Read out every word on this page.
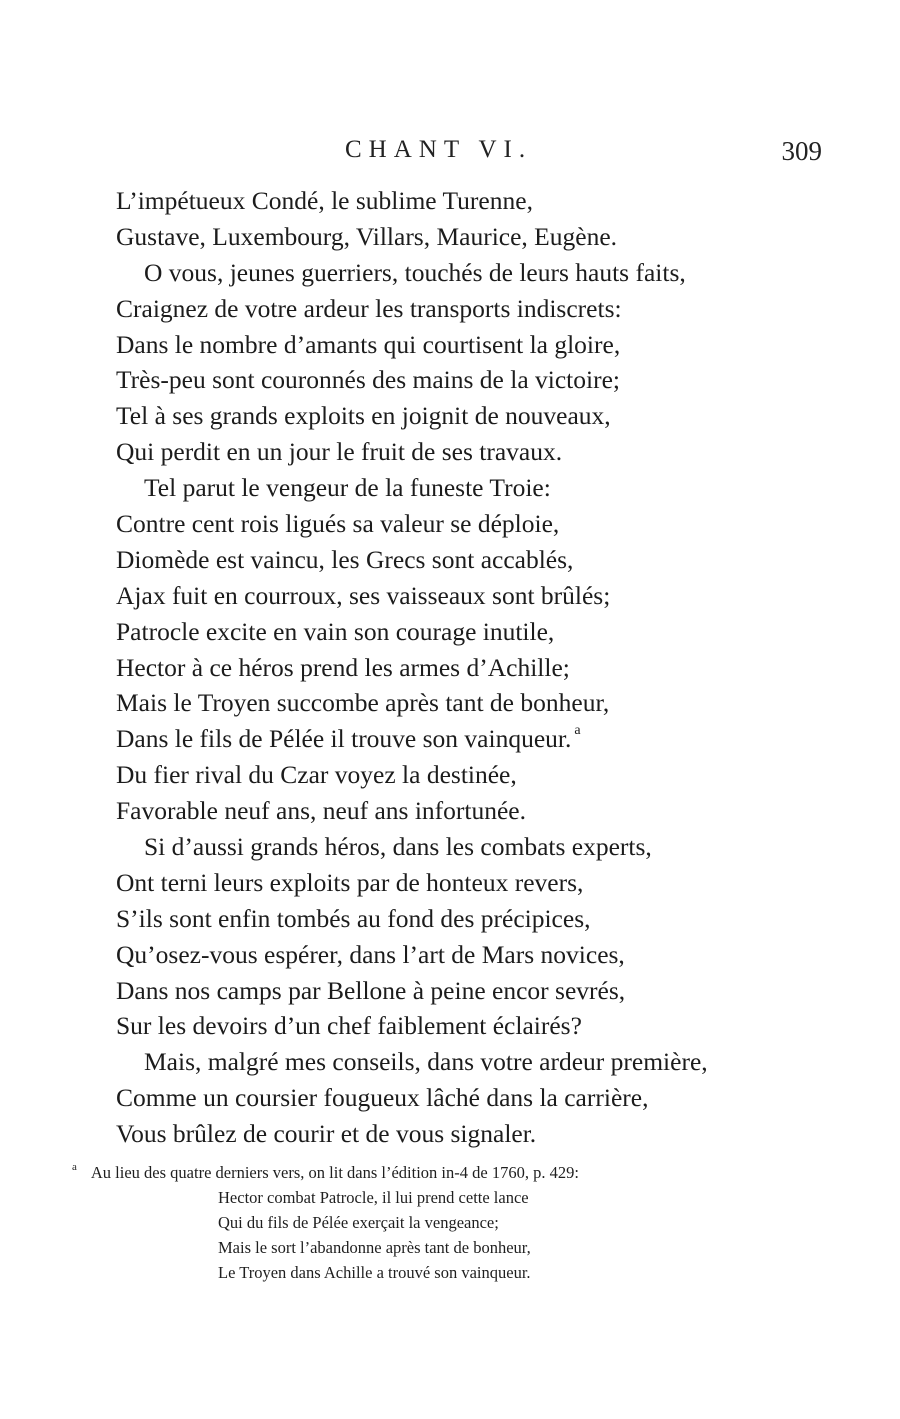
CHANT VI.	309
L’impétueux Condé, le sublime Turenne,
Gustave, Luxembourg, Villars, Maurice, Eugène.
O vous, jeunes guerriers, touchés de leurs hauts faits,
Craignez de votre ardeur les transports indiscrets:
Dans le nombre d’amants qui courtisent la gloire,
Très-peu sont couronnés des mains de la victoire;
Tel à ses grands exploits en joignit de nouveaux,
Qui perdit en un jour le fruit de ses travaux.
Tel parut le vengeur de la funeste Troie:
Contre cent rois ligués sa valeur se déploie,
Diomède est vaincu, les Grecs sont accablés,
Ajax fuit en courroux, ses vaisseaux sont brûlés;
Patrocle excite en vain son courage inutile,
Hector à ce héros prend les armes d’Achille;
Mais le Troyen succombe après tant de bonheur,
Dans le fils de Pélée il trouve son vainqueur. $^a$
Du fier rival du Czar voyez la destinée,
Favorable neuf ans, neuf ans infortunée.
Si d’aussi grands héros, dans les combats experts,
Ont terni leurs exploits par de honteux revers,
S’ils sont enfin tombés au fond des précipices,
Qu’osez-vous espérer, dans l’art de Mars novices,
Dans nos camps par Bellone à peine encor sevrés,
Sur les devoirs d’un chef faiblement éclairés?
Mais, malgré mes conseils, dans votre ardeur première,
Comme un coursier fougueux lâché dans la carrière,
Vous brûlez de courir et de vous signaler.
$^a$ Au lieu des quatre derniers vers, on lit dans l’édition in-4 de 1760, p. 429:
Hector combat Patrocle, il lui prend cette lance
Qui du fils de Pélée exerçait la vengeance;
Mais le sort l’abandonne après tant de bonheur,
Le Troyen dans Achille a trouvé son vainqueur.
